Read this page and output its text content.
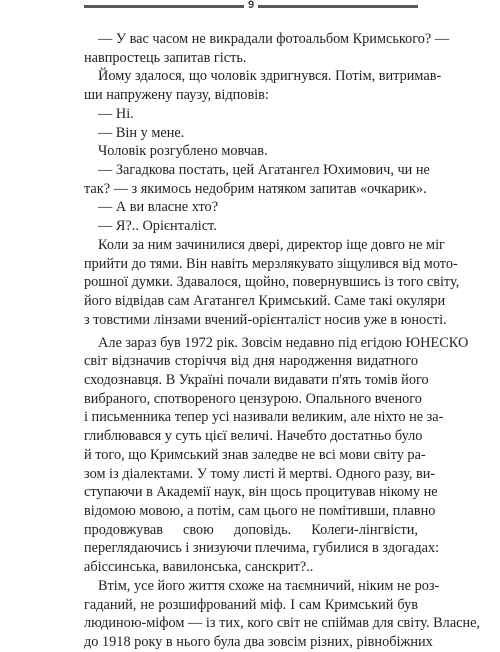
9
— У вас часом не викрадали фотоальбом Кримського? —
навпростець запитав гість.
Йому здалося, що чоловік здригнувся. Потім, витримав-
ши напружену паузу, відповів:
— Ні.
— Він у мене.
Чоловік розгублено мовчав.
— Загадкова постать, цей Агатангел Юхимович, чи не
так? — з якимось недобрим натяком запитав «очкарик».
— А ви власне хто?
— Я?.. Орієнталіст.
Коли за ним зачинилися двері, директор іще довго не міг
прийти до тями. Він навіть мерзлякувато зіщулився від мото-
рошної думки. Здавалося, щойно, повернувшись із того світу,
його відвідав сам Агатангел Кримський. Саме такі окуляри
з товстими лінзами вчений-орієнталіст носив уже в юності.
Але зараз був 1972 рік. Зовсім недавно під егідою ЮНЕСКО
світ відзначив сторіччя від дня народження видатного
сходознавця. В Україні почали видавати п'ять томів його
вибраного, спотвореного цензурою. Опального вченого
і письменника тепер усі називали великим, але ніхто не за-
глиблювався у суть цієї величі. Начебто достатньо було
й того, що Кримський знав заледве не всі мови світу ра-
зом із діалектами. У тому листі й мертві. Одного разу, ви-
ступаючи в Академії наук, він щось процитував нікому не
відомою мовою, а потім, сам цього не помітивши, плавно
продовжував свою доповідь. Колеги-лінгвісти,
переглядаючись і знизуючи плечима, губилися в здогадах:
абіссинська, вавилонська, санскрит?..
Втім, усе його життя схоже на таємничий, ніким не роз-
гаданий, не розшифрований міф. І сам Кримський був
людиною-міфом — із тих, кого світ не спіймав для світу. Власне,
до 1918 року в нього була два зовсім різних, рівнобіжних
